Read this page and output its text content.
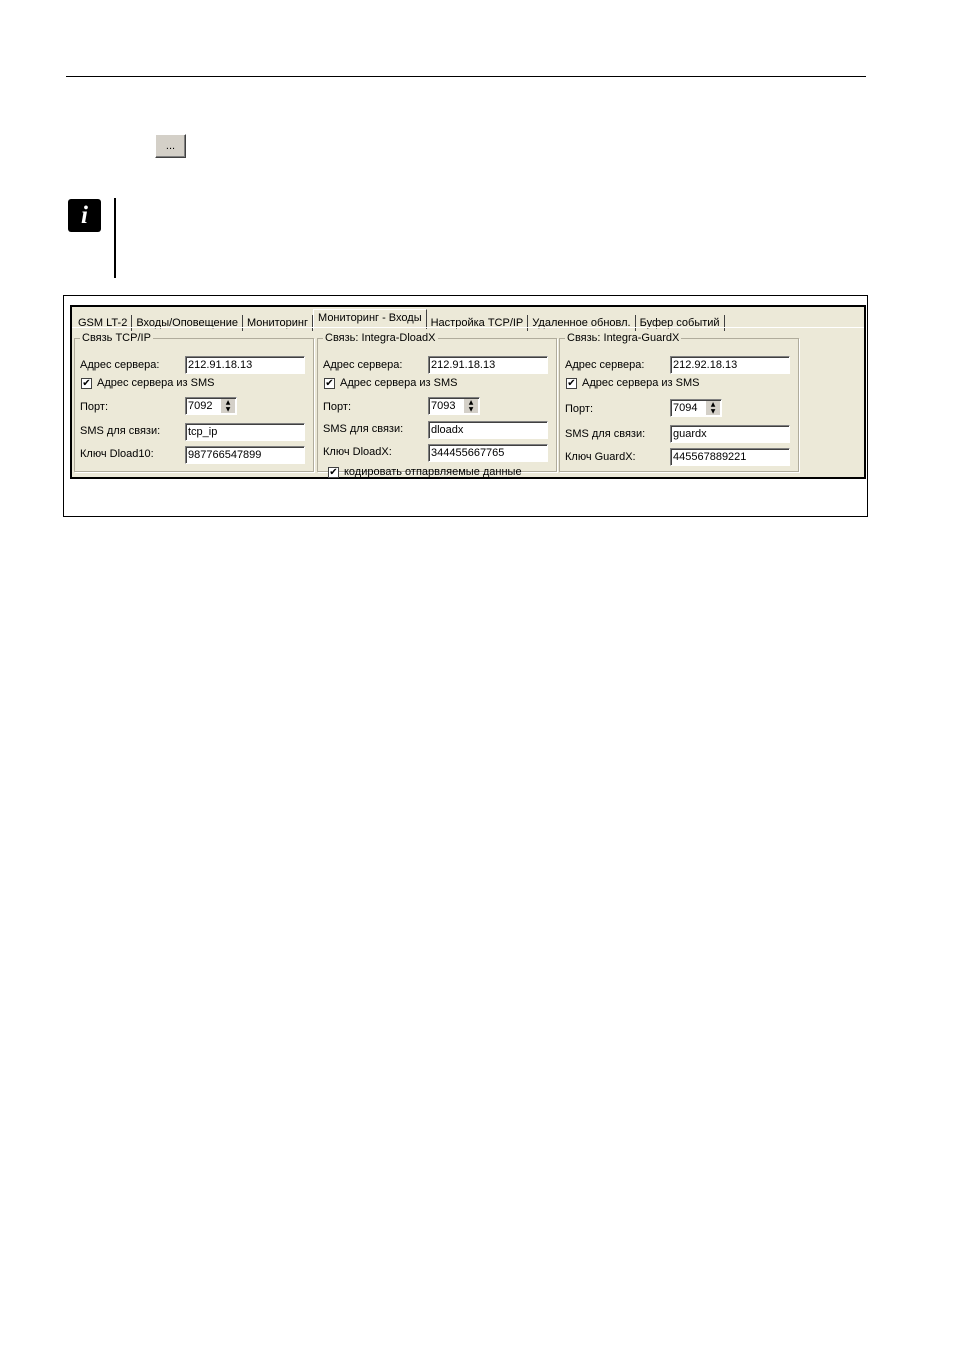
...
i
GSM LT-2 Входы/Оповещение Мониторинг Мониторинг - Входы Настройка TCP/IP Удаленное обновл. Буфер событий
Связь TCP/IP
Адрес сервера:	212.91.18.13
✔ Адрес сервера из SMS
Порт:	7092	▲
▼
SMS для связи:	tcp_ip
Ключ Dload10:	987766547899
Связь: Integra-DloadX
Адрес сервера:	212.91.18.13
✔ Адрес сервера из SMS
Порт:	7093	▲
▼
SMS для связи:	dloadx
Ключ DloadX:	344455667765
✔ кодировать отпарвляемые данные
Связь: Integra-GuardX
Адрес сервера:	212.92.18.13
✔ Адрес сервера из SMS
Порт:	7094	▲
▼
SMS для связи:	guardx
Ключ GuardX:	445567889221
